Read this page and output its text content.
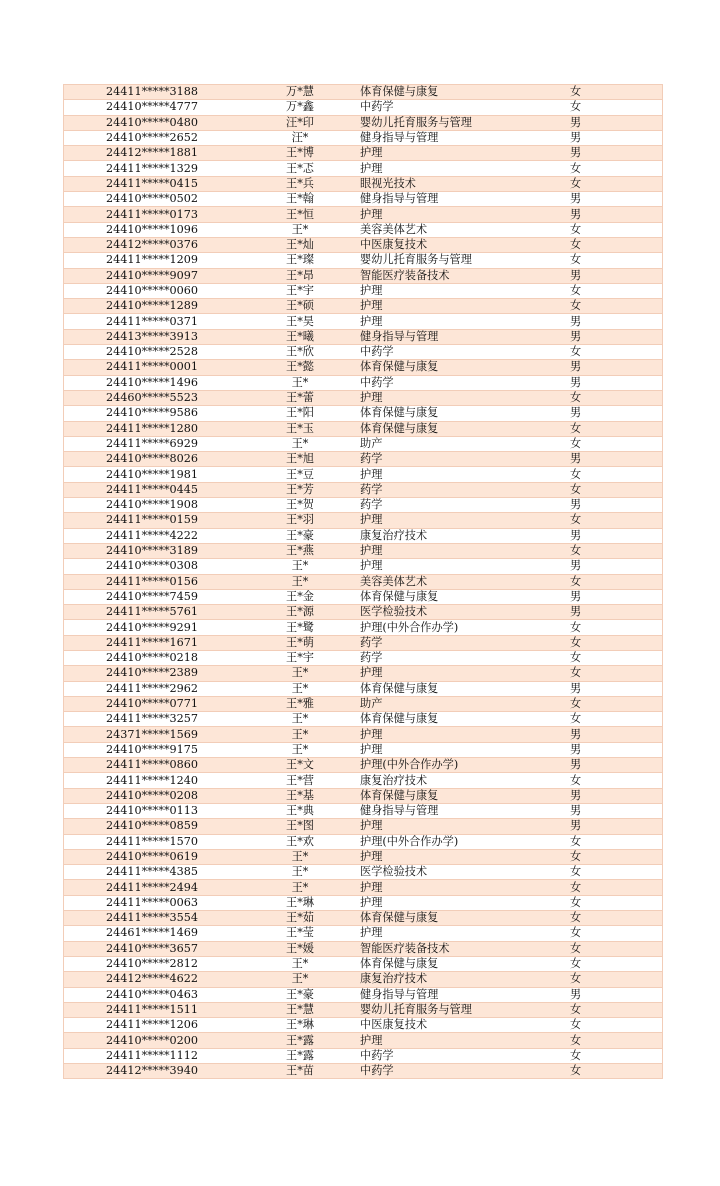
24411*****3188	万*慧	体育保健与康复	女
24410*****4777	万*鑫	中药学	女
24410*****0480	汪*印	婴幼儿托育服务与管理	男
24410*****2652	汪*	健身指导与管理	男
24412*****1881	王*博	护理	男
24411*****1329	王*忑	护理	女
24411*****0415	王*兵	眼视光技术	女
24410*****0502	王*翰	健身指导与管理	男
24411*****0173	王*恒	护理	男
24410*****1096	王*	美容美体艺术	女
24412*****0376	王*灿	中医康复技术	女
24411*****1209	王*璨	婴幼儿托育服务与管理	女
24410*****9097	王*昂	智能医疗装备技术	男
24410*****0060	王*宇	护理	女
24410*****1289	王*硕	护理	女
24411*****0371	王*昊	护理	男
24413*****3913	王*曦	健身指导与管理	男
24410*****2528	王*欣	中药学	女
24411*****0001	王*懿	体育保健与康复	男
24410*****1496	王*	中药学	男
24460*****5523	王*蕾	护理	女
24410*****9586	王*阳	体育保健与康复	男
24411*****1280	王*玉	体育保健与康复	女
24411*****6929	王*	助产	女
24410*****8026	王*旭	药学	男
24410*****1981	王*豆	护理	女
24411*****0445	王*芳	药学	女
24410*****1908	王*贺	药学	男
24411*****0159	王*羽	护理	女
24411*****4222	王*豪	康复治疗技术	男
24410*****3189	王*燕	护理	女
24410*****0308	王*	护理	男
24411*****0156	王*	美容美体艺术	女
24410*****7459	王*金	体育保健与康复	男
24411*****5761	王*源	医学检验技术	男
24410*****9291	王*鹭	护理(中外合作办学)	女
24411*****1671	王*萌	药学	女
24410*****0218	王*宇	药学	女
24410*****2389	王*	护理	女
24411*****2962	王*	体育保健与康复	男
24410*****0771	王*雅	助产	女
24411*****3257	王*	体育保健与康复	女
24371*****1569	王*	护理	男
24410*****9175	王*	护理	男
24411*****0860	王*文	护理(中外合作办学)	男
24411*****1240	王*营	康复治疗技术	女
24410*****0208	王*基	体育保健与康复	男
24410*****0113	王*典	健身指导与管理	男
24410*****0859	王*图	护理	男
24411*****1570	王*欢	护理(中外合作办学)	女
24410*****0619	王*	护理	女
24411*****4385	王*	医学检验技术	女
24411*****2494	王*	护理	女
24411*****0063	王*琳	护理	女
24411*****3554	王*茹	体育保健与康复	女
24461*****1469	王*莹	护理	女
24410*****3657	王*媛	智能医疗装备技术	女
24410*****2812	王*	体育保健与康复	女
24412*****4622	王*	康复治疗技术	女
24410*****0463	王*豪	健身指导与管理	男
24411*****1511	王*慧	婴幼儿托育服务与管理	女
24411*****1206	王*琳	中医康复技术	女
24410*****0200	王*露	护理	女
24411*****1112	王*露	中药学	女
24412*****3940	王*苗	中药学	女
